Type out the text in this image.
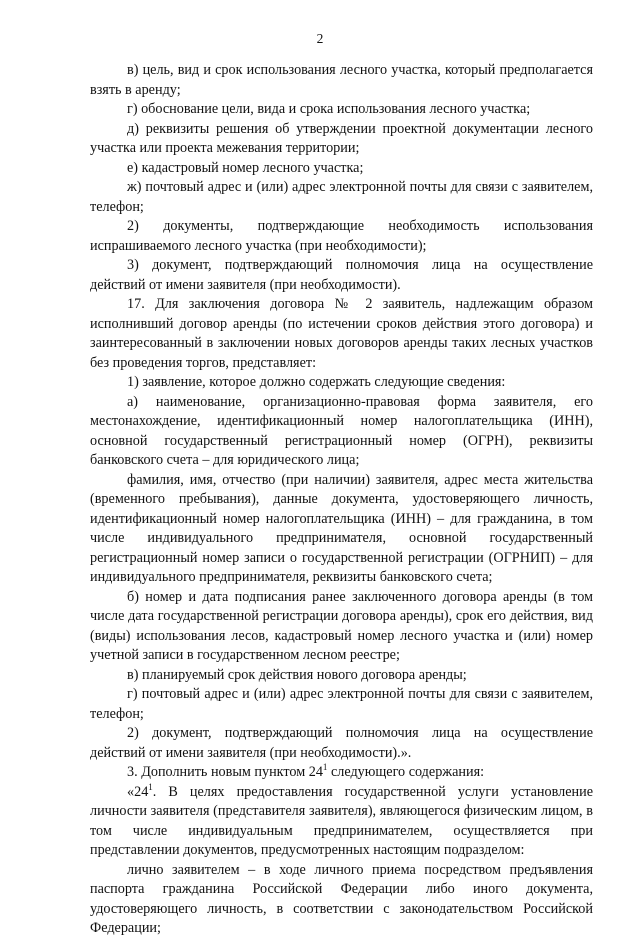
2

в) цель, вид и срок использования лесного участка, который предполагается взять в аренду;

г) обоснование цели, вида и срока использования лесного участка;

д) реквизиты решения об утверждении проектной документации лесного участка или проекта межевания территории;

е) кадастровый номер лесного участка;

ж) почтовый адрес и (или) адрес электронной почты для связи с заявителем, телефон;

2) документы, подтверждающие необходимость использования испрашиваемого лесного участка (при необходимости);

3) документ, подтверждающий полномочия лица на осуществление действий от имени заявителя (при необходимости).

17. Для заключения договора № 2 заявитель, надлежащим образом исполнивший договор аренды (по истечении сроков действия этого договора) и заинтересованный в заключении новых договоров аренды таких лесных участков без проведения торгов, представляет:

1) заявление, которое должно содержать следующие сведения:

а) наименование, организационно-правовая форма заявителя, его местонахождение, идентификационный номер налогоплательщика (ИНН), основной государственный регистрационный номер (ОГРН), реквизиты банковского счета – для юридического лица;

фамилия, имя, отчество (при наличии) заявителя, адрес места жительства (временного пребывания), данные документа, удостоверяющего личность, идентификационный номер налогоплательщика (ИНН) – для гражданина, в том числе индивидуального предпринимателя, основной государственный регистрационный номер записи о государственной регистрации (ОГРНИП) – для индивидуального предпринимателя, реквизиты банковского счета;

б) номер и дата подписания ранее заключенного договора аренды (в том числе дата государственной регистрации договора аренды), срок его действия, вид (виды) использования лесов, кадастровый номер лесного участка и (или) номер учетной записи в государственном лесном реестре;

в) планируемый срок действия нового договора аренды;

г) почтовый адрес и (или) адрес электронной почты для связи с заявителем, телефон;

2) документ, подтверждающий полномочия лица на осуществление действий от имени заявителя (при необходимости).».

3. Дополнить новым пунктом $24^1$ следующего содержания:

«$24^1$. В целях предоставления государственной услуги установление личности заявителя (представителя заявителя), являющегося физическим лицом, в том числе индивидуальным предпринимателем, осуществляется при представлении документов, предусмотренных настоящим подразделом:

лично заявителем – в ходе личного приема посредством предъявления паспорта гражданина Российской Федерации либо иного документа, удостоверяющего личность, в соответствии с законодательством Российской Федерации;
